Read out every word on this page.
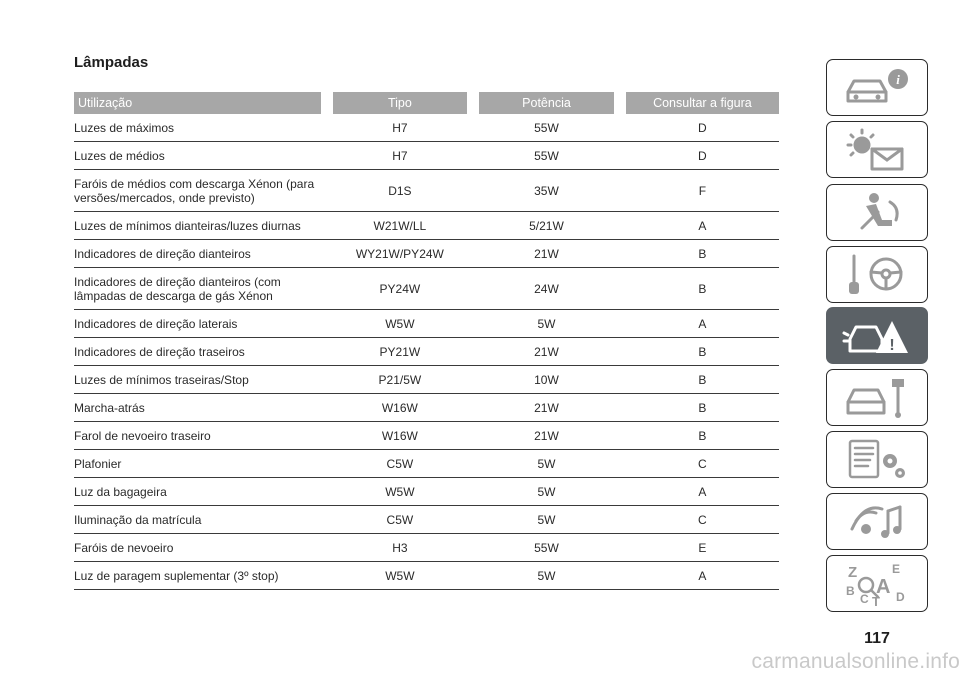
Lâmpadas
Utilização	Tipo	Potência	Consultar a figura
Luzes de máximos	H7	55W	D
Luzes de médios	H7	55W	D
Faróis de médios com descarga Xénon (para
versões/mercados, onde previsto)	D1S	35W	F
Luzes de mínimos dianteiras/luzes diurnas	W21W/LL	5/21W	A
Indicadores de direção dianteiros	WY21W/PY24W	21W	B
Indicadores de direção dianteiros (com
lâmpadas de descarga de gás Xénon	PY24W	24W	B
Indicadores de direção laterais	W5W	5W	A
Indicadores de direção traseiros	PY21W	21W	B
Luzes de mínimos traseiras/Stop	P21/5W	10W	B
Marcha-atrás	W16W	21W	B
Farol de nevoeiro traseiro	W16W	21W	B
Plafonier	C5W	5W	C
Luz da bagageira	W5W	5W	A
Iluminação da matrícula	C5W	5W	C
Faróis de nevoeiro	H3	55W	E
Luz de paragem suplementar (3º stop)	W5W	5W	A
i
!
Z	E
B A
C T D
117
carmanualsonline.info
